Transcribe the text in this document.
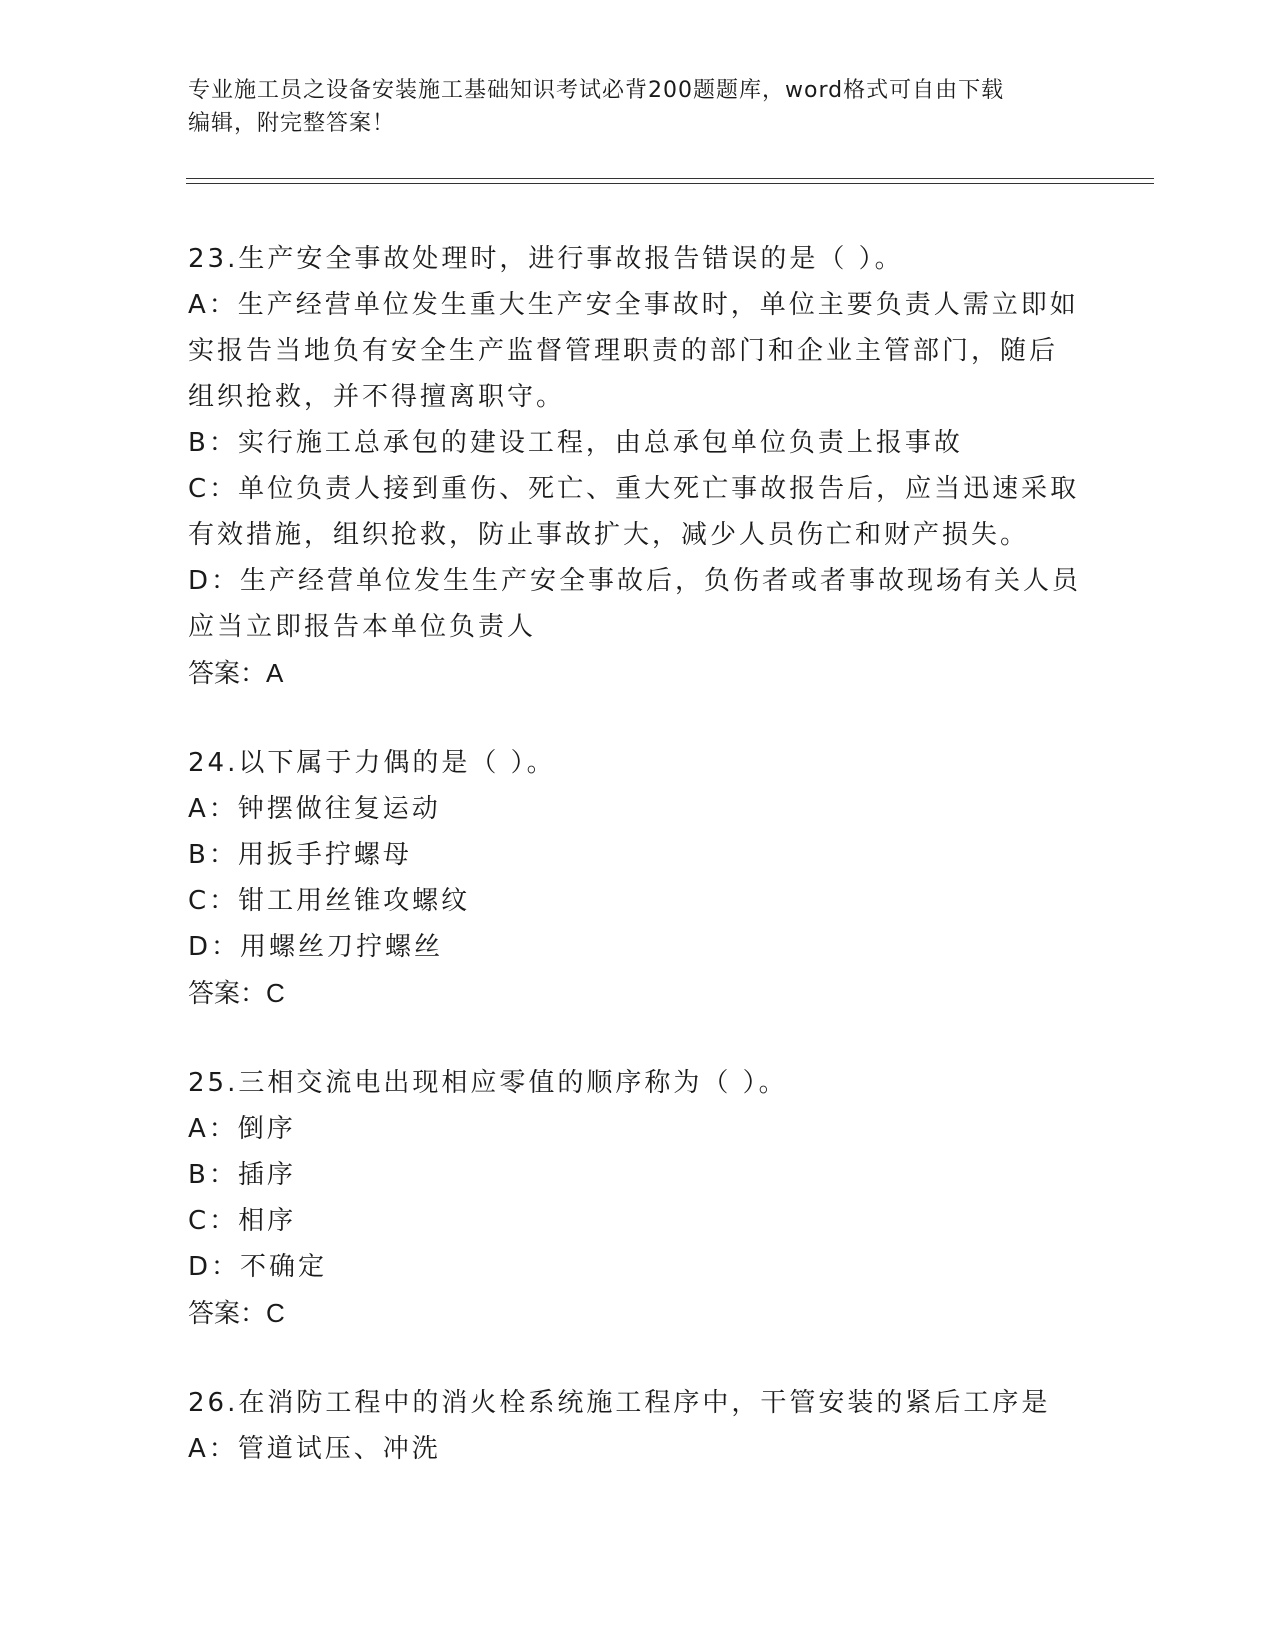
专业施工员之设备安装施工基础知识考试必背200题题库，word格式可自由下载
编辑，附完整答案！
23.生产安全事故处理时，进行事故报告错误的是（ ）。
A：生产经营单位发生重大生产安全事故时，单位主要负责人需立即如
实报告当地负有安全生产监督管理职责的部门和企业主管部门，随后
组织抢救，并不得擅离职守。
B：实行施工总承包的建设工程，由总承包单位负责上报事故
C：单位负责人接到重伤、死亡、重大死亡事故报告后，应当迅速采取
有效措施，组织抢救，防止事故扩大，减少人员伤亡和财产损失。
D：生产经营单位发生生产安全事故后，负伤者或者事故现场有关人员
应当立即报告本单位负责人
答案：A
24.以下属于力偶的是（ ）。
A：钟摆做往复运动
B：用扳手拧螺母
C：钳工用丝锥攻螺纹
D：用螺丝刀拧螺丝
答案：C
25.三相交流电出现相应零值的顺序称为（ ）。
A：倒序
B：插序
C：相序
D：不确定
答案：C
26.在消防工程中的消火栓系统施工程序中，干管安装的紧后工序是
A：管道试压、冲洗
